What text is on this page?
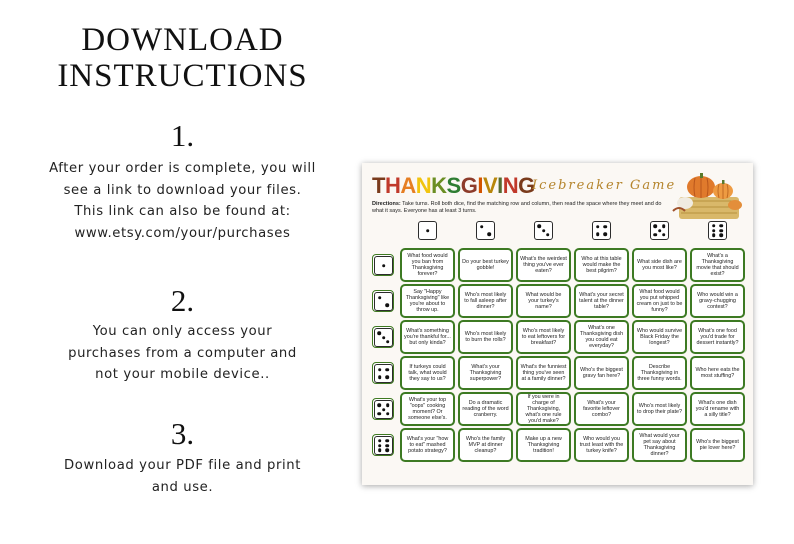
DOWNLOAD
INSTRUCTIONS
1.
After your order is complete, you will
see a link to download your files.
This link can also be found at:
www.etsy.com/your/purchases
2.
You can only access your
purchases from a computer and
not your mobile device..
3.
Download your PDF file and print
and use.
THANKSGIVING
Icebreaker Game
Directions: Take turns. Roll both dice, find the matching row and column, then read the space where they meet and do what it says. Everyone has at least 3 turns.
What food would you ban from Thanksgiving forever?
Do your best turkey gobble!
What's the weirdest thing you've ever eaten?
Who at this table would make the best pilgrim?
What side dish are you most like?
What's a Thanksgiving movie that should exist?
Say "Happy Thanksgiving" like you're about to throw up.
Who's most likely to fall asleep after dinner?
What would be your turkey's name?
What's your secret talent at the dinner table?
What food would you put whipped cream on just to be funny?
Who would win a gravy-chugging contest?
What's something you're thankful for... but only kinda?
Who's most likely to burn the rolls?
Who's most likely to eat leftovers for breakfast?
What's one Thanksgiving dish you could eat everyday?
Who would survive Black Friday the longest?
What's one food you'd trade for dessert instantly?
If turkeys could talk, what would they say to us?
What's your Thanksgiving superpower?
What's the funniest thing you've seen at a family dinner?
Who's the biggest gravy fan here?
Describe Thanksgiving in three funny words.
Who here eats the most stuffing?
What's your top "oops" cooking moment? Or someone else's.
Do a dramatic reading of the word cranberry.
If you were in charge of Thanksgiving, what's one rule you'd make?
What's your favorite leftover combo?
Who's most likely to drop their plate?
What's one dish you'd rename with a silly title?
What's your "how to eat" mashed potato strategy?
Who's the family MVP at dinner cleanup?
Make up a new Thanksgiving tradition!
Who would you trust least with the turkey knife?
What would your pet say about Thanksgiving dinner?
Who's the biggest pie lover here?
